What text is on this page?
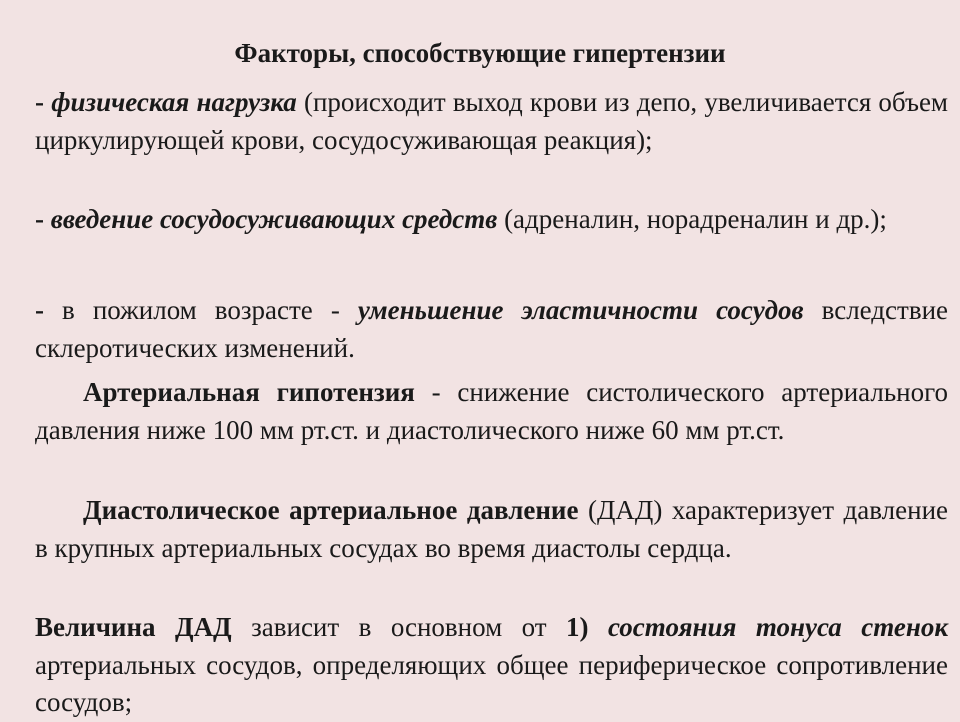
Факторы, способствующие гипертензии
- физическая нагрузка (происходит выход крови из депо, увеличивается объем циркулирующей крови, сосудосуживающая реакция);
- введение сосудосуживающих средств (адреналин, норадреналин и др.);
- в пожилом возрасте - уменьшение эластичности сосудов вследствие склеротических изменений.
Артериальная гипотензия - снижение систолического артериального давления ниже 100 мм рт.ст. и диастолического ниже 60 мм рт.ст.
Диастолическое артериальное давление (ДАД) характеризует давление в крупных артериальных сосудах во время диастолы сердца.
Величина ДАД зависит в основном от 1) состояния тонуса стенок артериальных сосудов, определяющих общее периферическое сопротивление сосудов;
